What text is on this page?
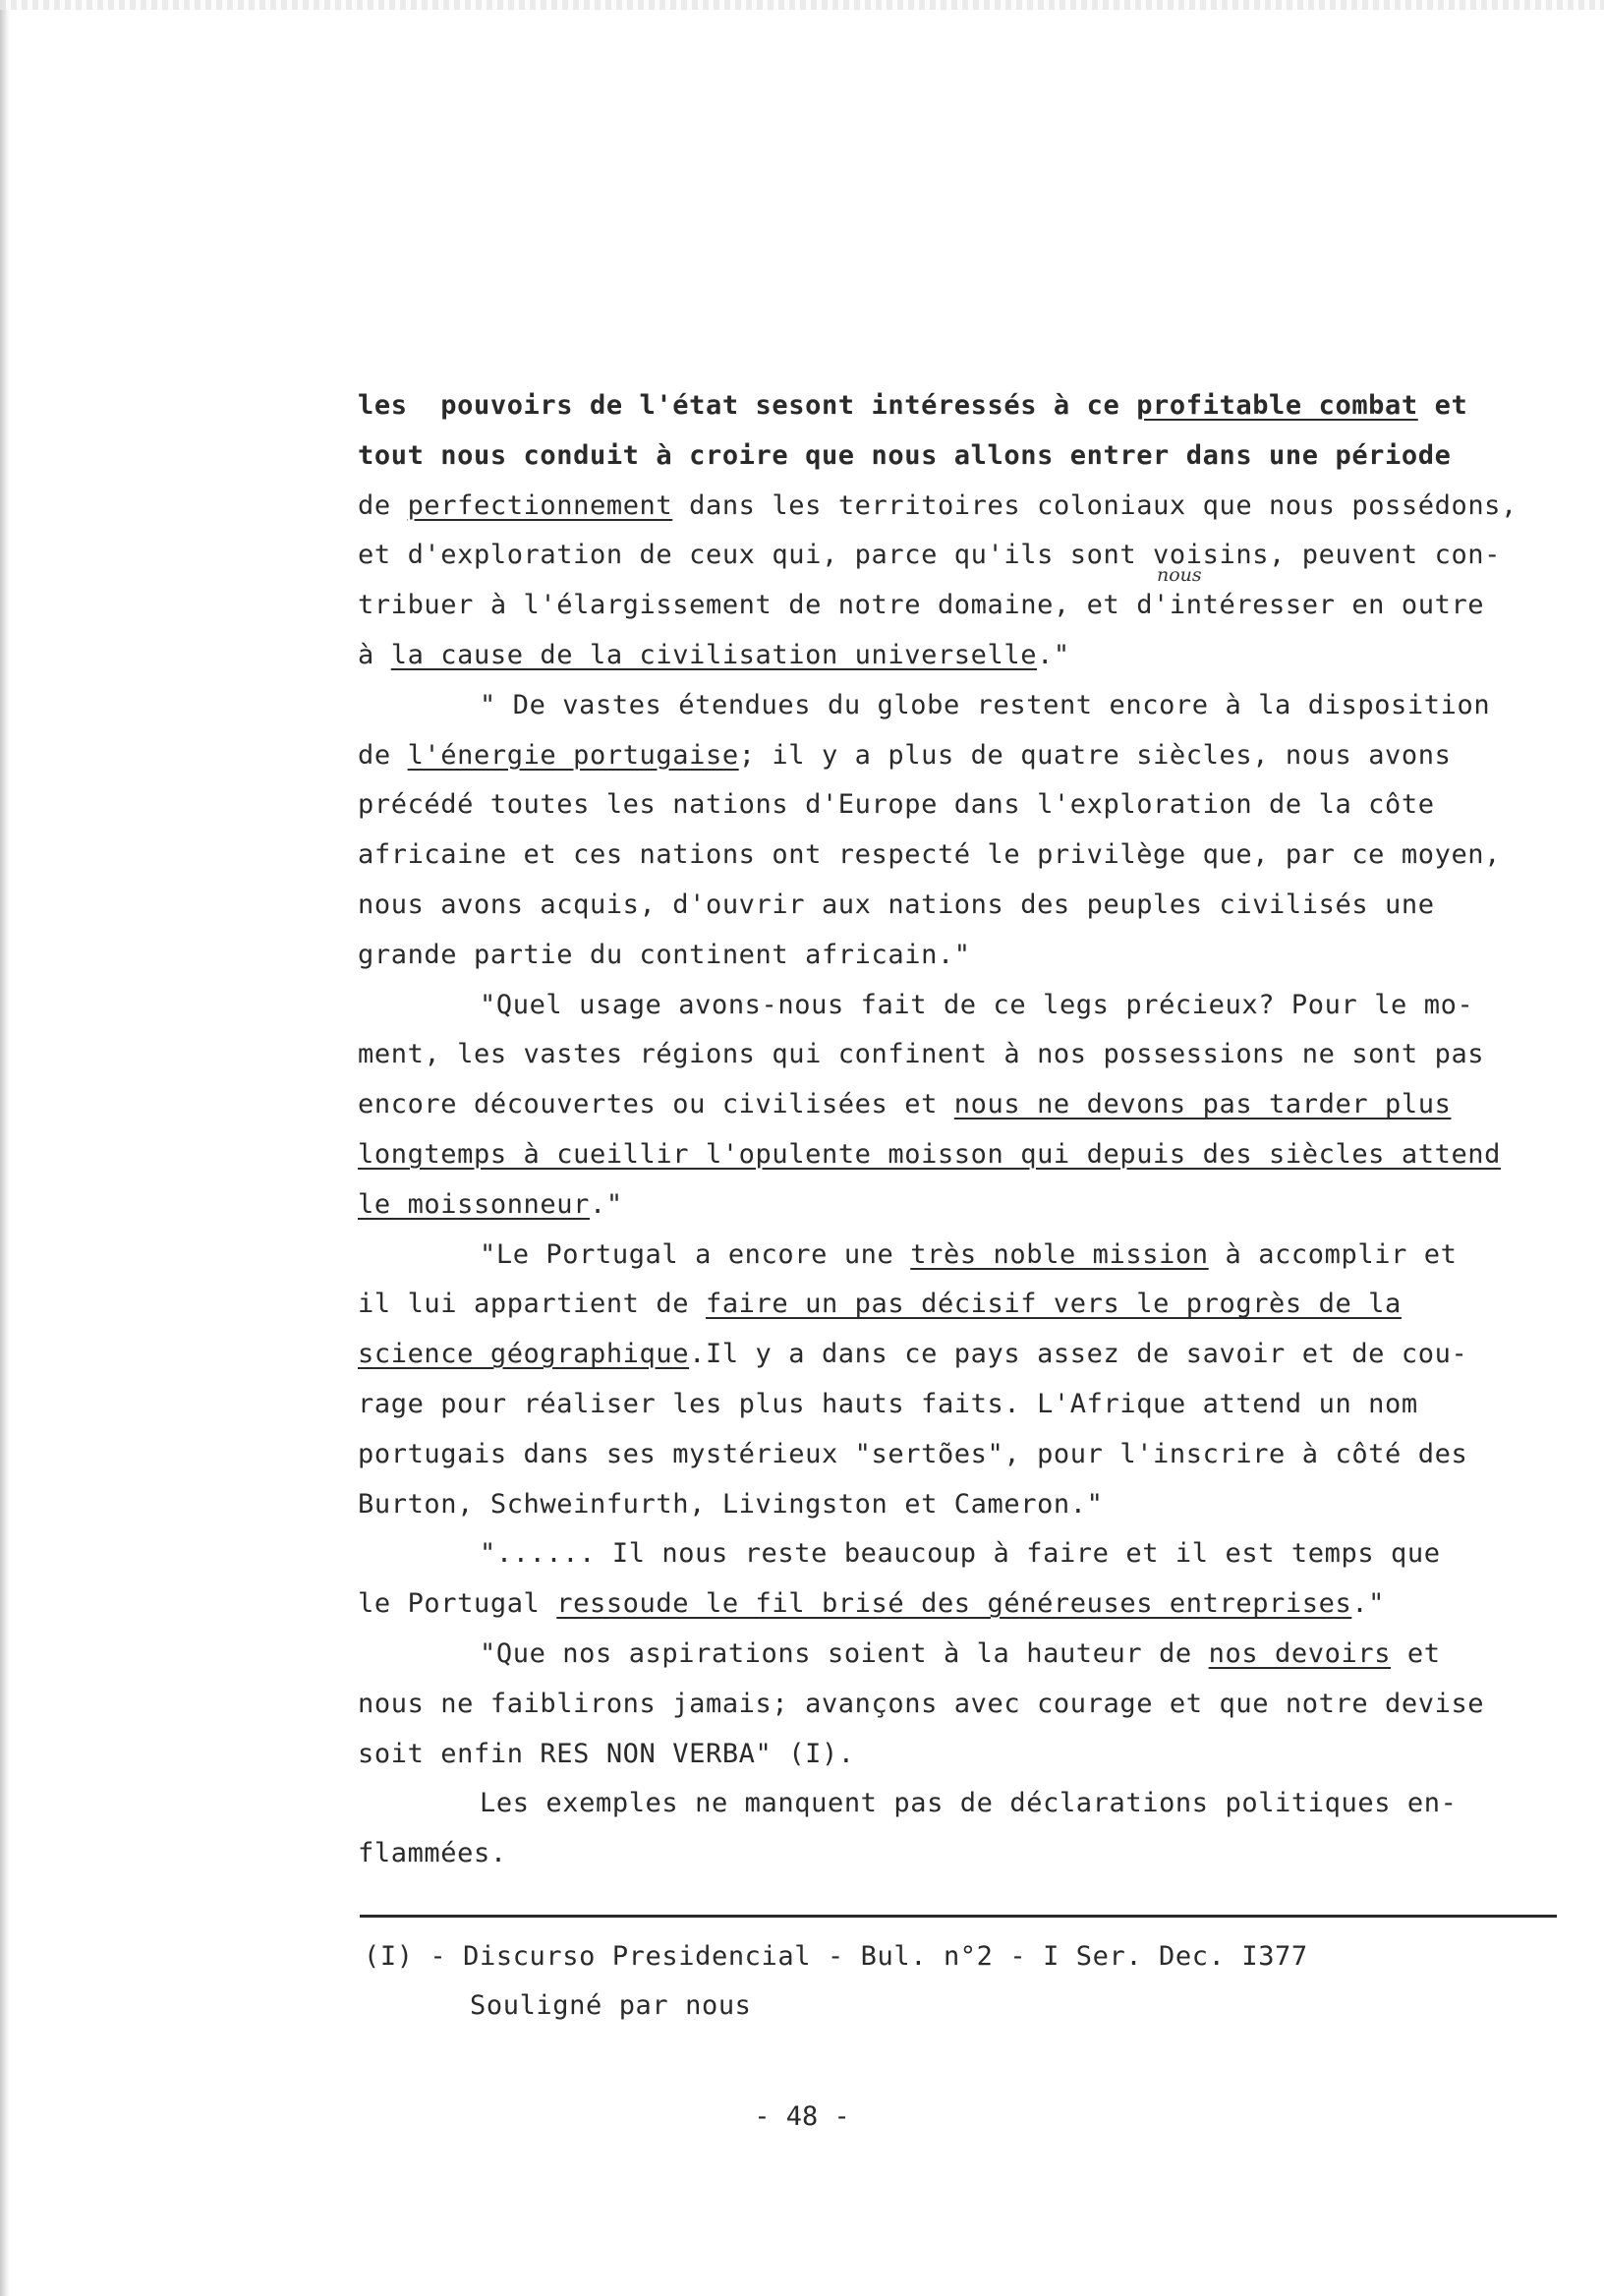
les  pouvoirs de l'état sesont intéressés à ce profitable combat et
tout nous conduit à croire que nous allons entrer dans une période
de perfectionnement dans les territoires coloniaux que nous possédons,
et d'exploration de ceux qui, parce qu'ils sont voisins, peuvent con-
tribuer à l'élargissement de notre domaine, et d'intéresser en outre
à la cause de la civilisation universelle."
" De vastes étendues du globe restent encore à la disposition
de l'énergie portugaise; il y a plus de quatre siècles, nous avons
précédé toutes les nations d'Europe dans l'exploration de la côte
africaine et ces nations ont respecté le privilège que, par ce moyen,
nous avons acquis, d'ouvrir aux nations des peuples civilisés une
grande partie du continent africain."
"Quel usage avons-nous fait de ce legs précieux? Pour le mo-
ment, les vastes régions qui confinent à nos possessions ne sont pas
encore découvertes ou civilisées et nous ne devons pas tarder plus
longtemps à cueillir l'opulente moisson qui depuis des siècles attend
le moissonneur."
"Le Portugal a encore une très noble mission à accomplir et
il lui appartient de faire un pas décisif vers le progrès de la
science géographique.Il y a dans ce pays assez de savoir et de cou-
rage pour réaliser les plus hauts faits. L'Afrique attend un nom
portugais dans ses mystérieux "sertões", pour l'inscrire à côté des
Burton, Schweinfurth, Livingston et Cameron."
"...... Il nous reste beaucoup à faire et il est temps que
le Portugal ressoude le fil brisé des généreuses entreprises."
"Que nos aspirations soient à la hauteur de nos devoirs et
nous ne faiblirons jamais; avançons avec courage et que notre devise
soit enfin RES NON VERBA" (I).
Les exemples ne manquent pas de déclarations politiques en-
flammées.
nous
(I) - Discurso Presidencial - Bul. n°2 - I Ser. Dec. I377
Souligné par nous
- 48 -
